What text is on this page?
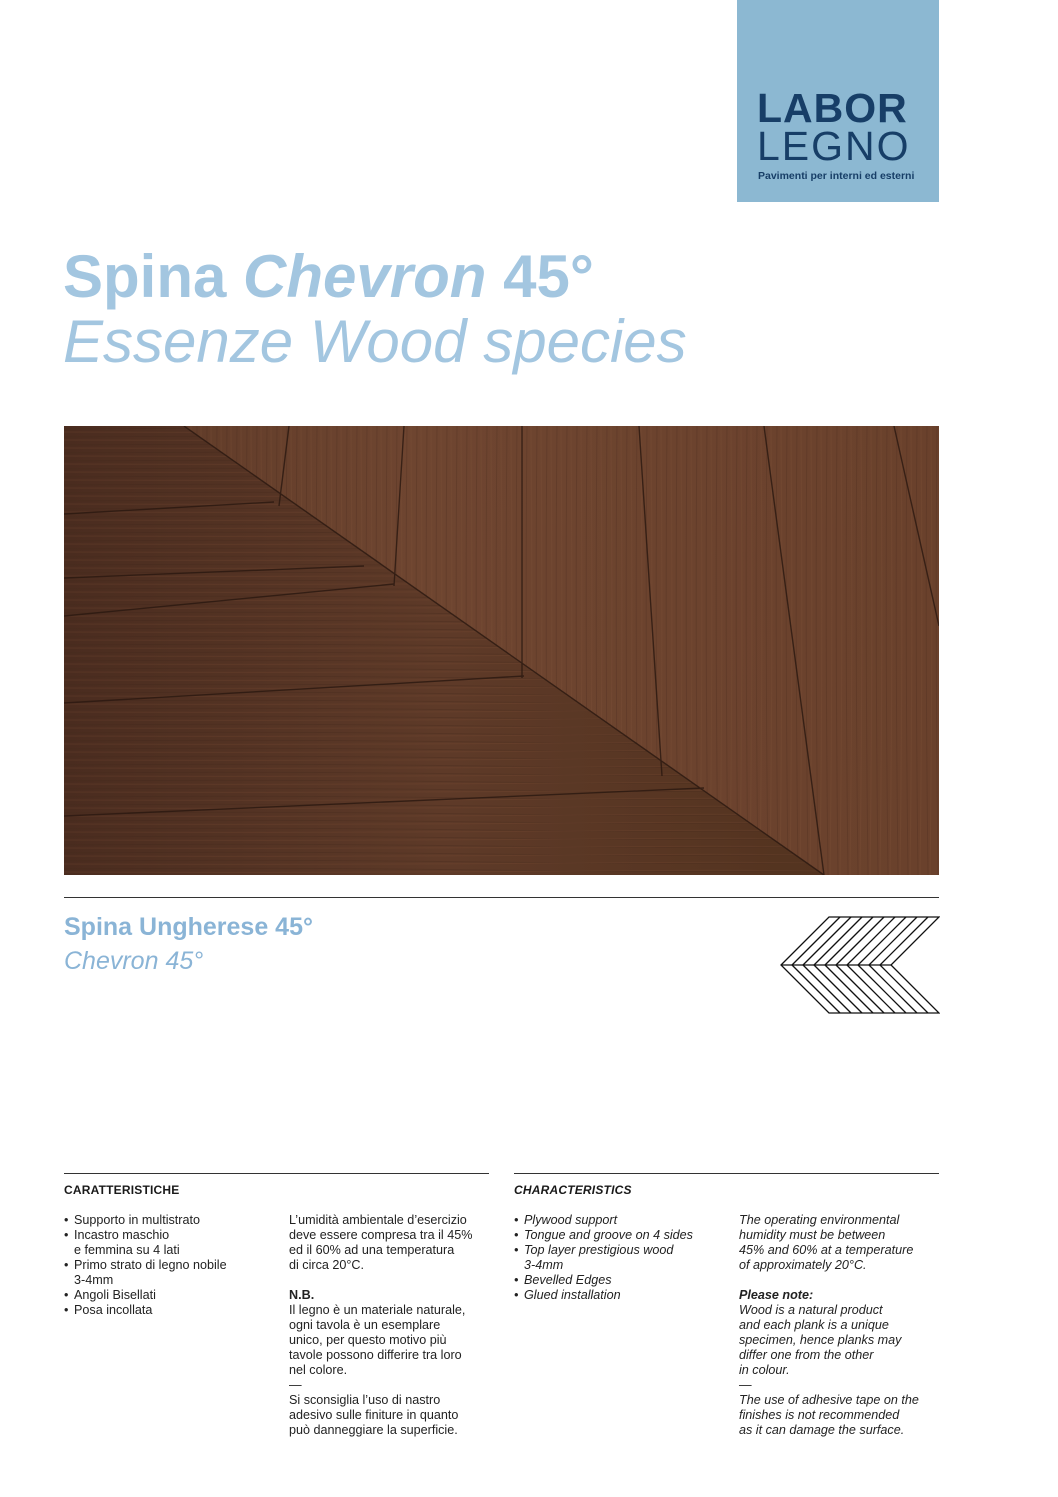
LABOR
LEGNO
Pavimenti per interni ed esterni
Spina Chevron 45°
Essenze Wood species
Spina Ungherese 45°
Chevron 45°
CARATTERISTICHE
• Supporto in multistrato
• Incastro maschio
e femmina su 4 lati
• Primo strato di legno nobile
3-4mm
• Angoli Bisellati
• Posa incollata

L’umidità ambientale d’esercizio
deve essere compresa tra il 45%
ed il 60% ad una temperatura
di circa 20°C.

N.B.

Il legno è un materiale naturale,
ogni tavola è un esemplare
unico, per questo motivo più
tavole possono differire tra loro
nel colore.

—

Si sconsiglia l’uso di nastro
adesivo sulle finiture in quanto
può danneggiare la superficie.

CHARACTERISTICS
• Plywood support
• Tongue and groove on 4 sides
• Top layer prestigious wood
3-4mm
• Bevelled Edges
• Glued installation

The operating environmental
humidity must be between
45% and 60% at a temperature
of approximately 20°C.

Please note:

Wood is a natural product
and each plank is a unique
specimen, hence planks may
differ one from the other
in colour.

—

The use of adhesive tape on the
finishes is not recommended
as it can damage the surface.
